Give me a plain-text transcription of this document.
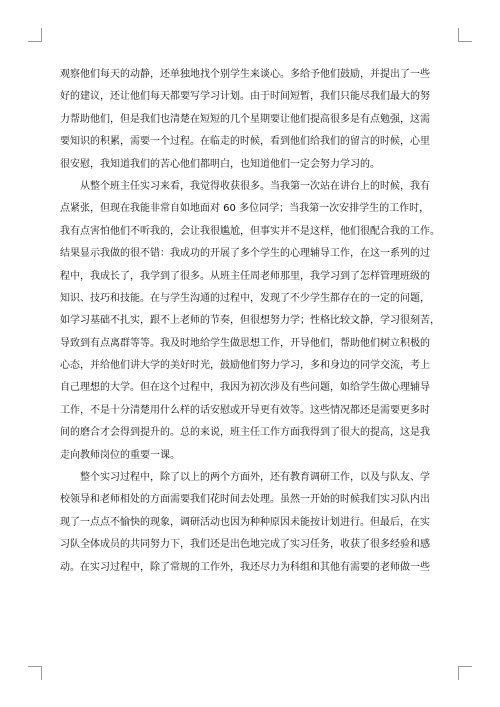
观察他们每天的动静，还单独地找个别学生来谈心。多给予他们鼓励，并提出了一些
好的建议，还让他们每天都要写学习计划。由于时间短暂，我们只能尽我们最大的努
力帮助他们，但是我们也清楚在短短的几个星期要让他们提高很多是有点勉强，这需
要知识的积累，需要一个过程。在临走的时候，看到他们给我们的留言的时候，心里
很安慰，我知道我们的苦心他们都明白，也知道他们一定会努力学习的。

从整个班主任实习来看，我觉得收获很多。当我第一次站在讲台上的时候，我有
点紧张，但现在我能非常自如地面对 60 多位同学；当我第一次安排学生的工作时，
我有点害怕他们不听我的，会让我很尴尬，但事实并不是这样，他们很配合我的工作。
结果显示我做的很不错：我成功的开展了多个学生的心理辅导工作，在这一系列的过
程中，我成长了，我学到了很多。从班主任周老师那里，我学习到了怎样管理班级的
知识、技巧和技能。在与学生沟通的过程中，发现了不少学生都存在的一定的问题，
如学习基础不扎实，跟不上老师的节奏，但很想努力学；性格比较文静，学习很刻苦，
导致到有点离群等等。我及时地给学生做思想工作，开导他们，帮助他们树立积极的
心态，并给他们讲大学的美好时光，鼓励他们努力学习，多和身边的同学交流，考上
自己理想的大学。但在这个过程中，我因为初次涉及有些问题，如给学生做心理辅导
工作，不是十分清楚用什么样的话安慰或开导更有效等。这些情况都还是需要更多时
间的磨合才会得到提升的。总的来说，班主任工作方面我得到了很大的提高，这是我
走向教师岗位的重要一课。

整个实习过程中，除了以上的两个方面外，还有教育调研工作，以及与队友、学
校领导和老师相处的方面需要我们花时间去处理。虽然一开始的时候我们实习队内出
现了一点点不愉快的现象，调研活动也因为种种原因未能按计划进行。但最后，在实
习队全体成员的共同努力下，我们还是出色地完成了实习任务，收获了很多经验和感
动。在实习过程中，除了常规的工作外，我还尽力为科组和其他有需要的老师做一些
